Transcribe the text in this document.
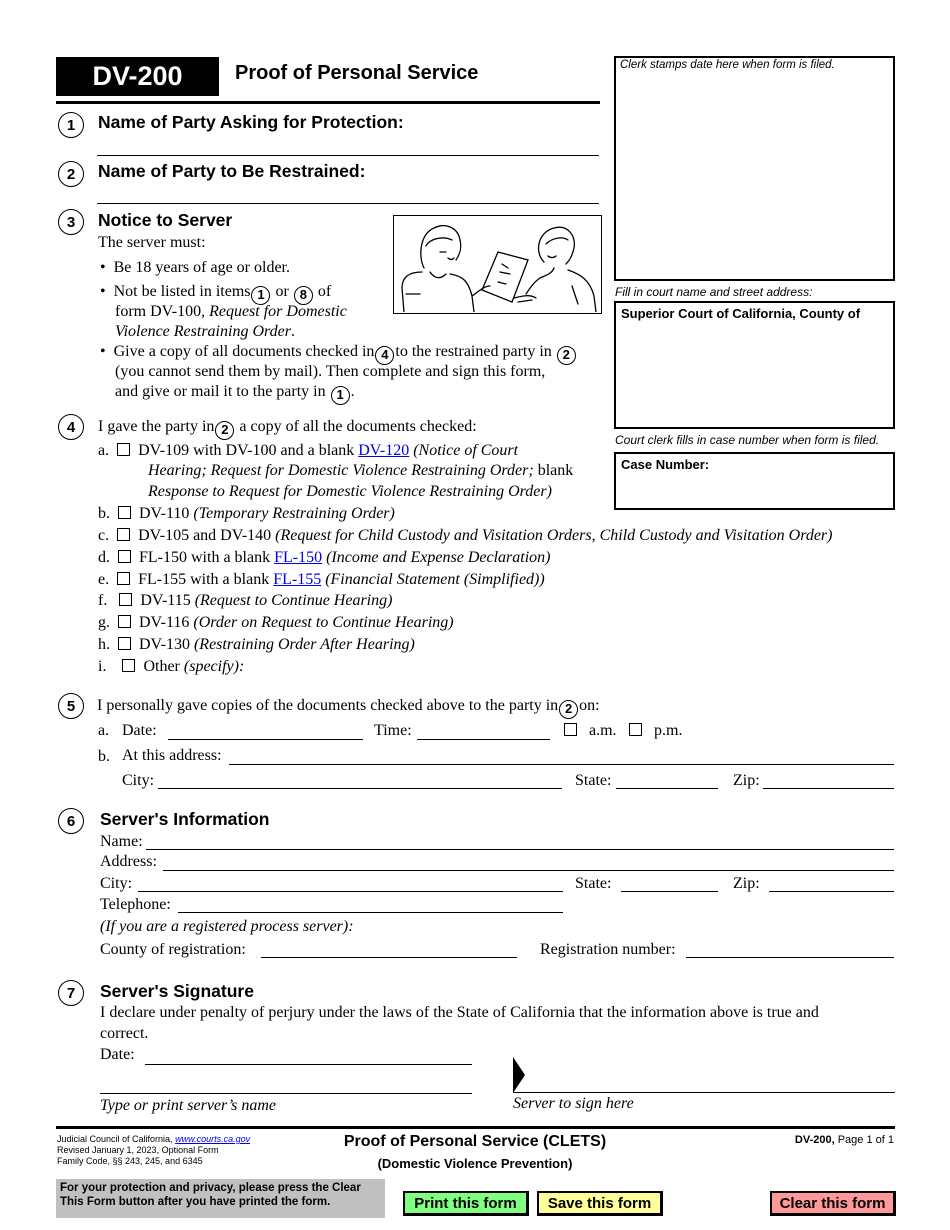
DV-200	Proof of Personal Service	Clerk stamps date here when form is filed.
Fill in court name and street address:
Superior Court of California, County of
Court clerk fills in case number when form is filed.
Case Number:
1	Name of Party Asking for Protection:
2	Name of Party to Be Restrained:
3	Notice to Server
The server must:
•  Be 18 years of age or older.
•  Not be listed in items 1 or 8 of
form DV-100, Request for Domestic
Violence Restraining Order.
•  Give a copy of all documents checked in 4 to the restrained party in 2
(you cannot send them by mail). Then complete and sign this form,
and give or mail it to the party in 1 .
4	I gave the party in 2 a copy of all the documents checked:
a. DV-109 with DV-100 and a blank DV-120 (Notice of Court
Hearing; Request for Domestic Violence Restraining Order; blank
Response to Request for Domestic Violence Restraining Order)
b. DV-110 (Temporary Restraining Order)
c. DV-105 and DV-140 (Request for Child Custody and Visitation Orders, Child Custody and Visitation Order)
d. FL-150 with a blank FL-150 (Income and Expense Declaration)
e. FL-155 with a blank FL-155 (Financial Statement (Simplified))
f. DV-115 (Request to Continue Hearing)
g. DV-116 (Order on Request to Continue Hearing)
h. DV-130 (Restraining Order After Hearing)
i. Other (specify):
5	I personally gave copies of the documents checked above to the party in 2 on:
a. Date:	Time:	a.m.	p.m.
b. At this address:
City:	State:	Zip:
6	Server's Information
Name:
Address:
City:	State:	Zip:
Telephone:
(If you are a registered process server):
County of registration:	Registration number:
7	Server's Signature
I declare under penalty of perjury under the laws of the State of California that the information above is true and
correct.
Date:
Type or print server’s name	Server to sign here
Judicial Council of California, www.courts.ca.gov
Revised January 1, 2023, Optional Form
Family Code, §§ 243, 245, and 6345
Proof of Personal Service (CLETS)
(Domestic Violence Prevention)
DV-200, Page 1 of 1
For your protection and privacy, please press the Clear
This Form button after you have printed the form.	Print this form	Save this form	Clear this form
